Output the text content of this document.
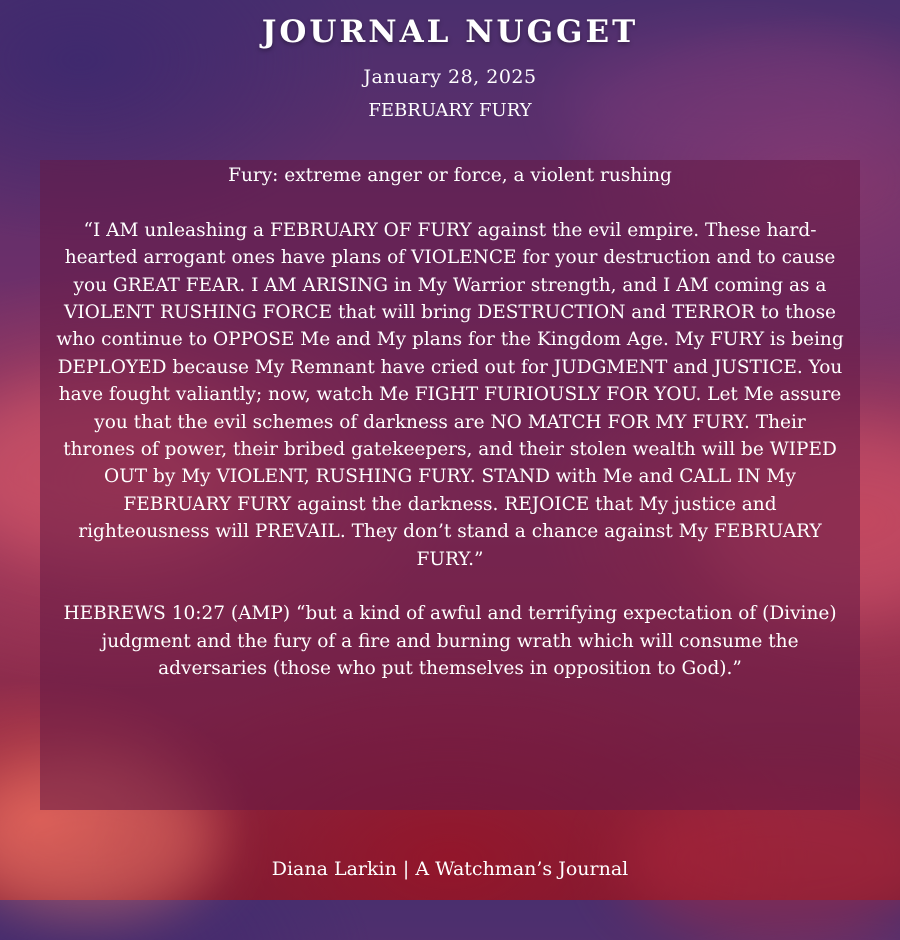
JOURNAL NUGGET
January 28, 2025
FEBRUARY FURY

Fury: extreme anger or force, a violent rushing

“I AM unleashing a FEBRUARY OF FURY against the evil empire. These hard-hearted arrogant ones have plans of VIOLENCE for your destruction and to cause you GREAT FEAR. I AM ARISING in My Warrior strength, and I AM coming as a VIOLENT RUSHING FORCE that will bring DESTRUCTION and TERROR to those who continue to OPPOSE Me and My plans for the Kingdom Age. My FURY is being DEPLOYED because My Remnant have cried out for JUDGMENT and JUSTICE. You have fought valiantly; now, watch Me FIGHT FURIOUSLY FOR YOU. Let Me assure you that the evil schemes of darkness are NO MATCH FOR MY FURY. Their thrones of power, their bribed gatekeepers, and their stolen wealth will be WIPED OUT by My VIOLENT, RUSHING FURY. STAND with Me and CALL IN My FEBRUARY FURY against the darkness. REJOICE that My justice and righteousness will PREVAIL. They don’t stand a chance against My FEBRUARY FURY.”

HEBREWS 10:27 (AMP) “but a kind of awful and terrifying expectation of (Divine) judgment and the fury of a fire and burning wrath which will consume the adversaries (those who put themselves in opposition to God).”

Diana Larkin | A Watchman’s Journal
